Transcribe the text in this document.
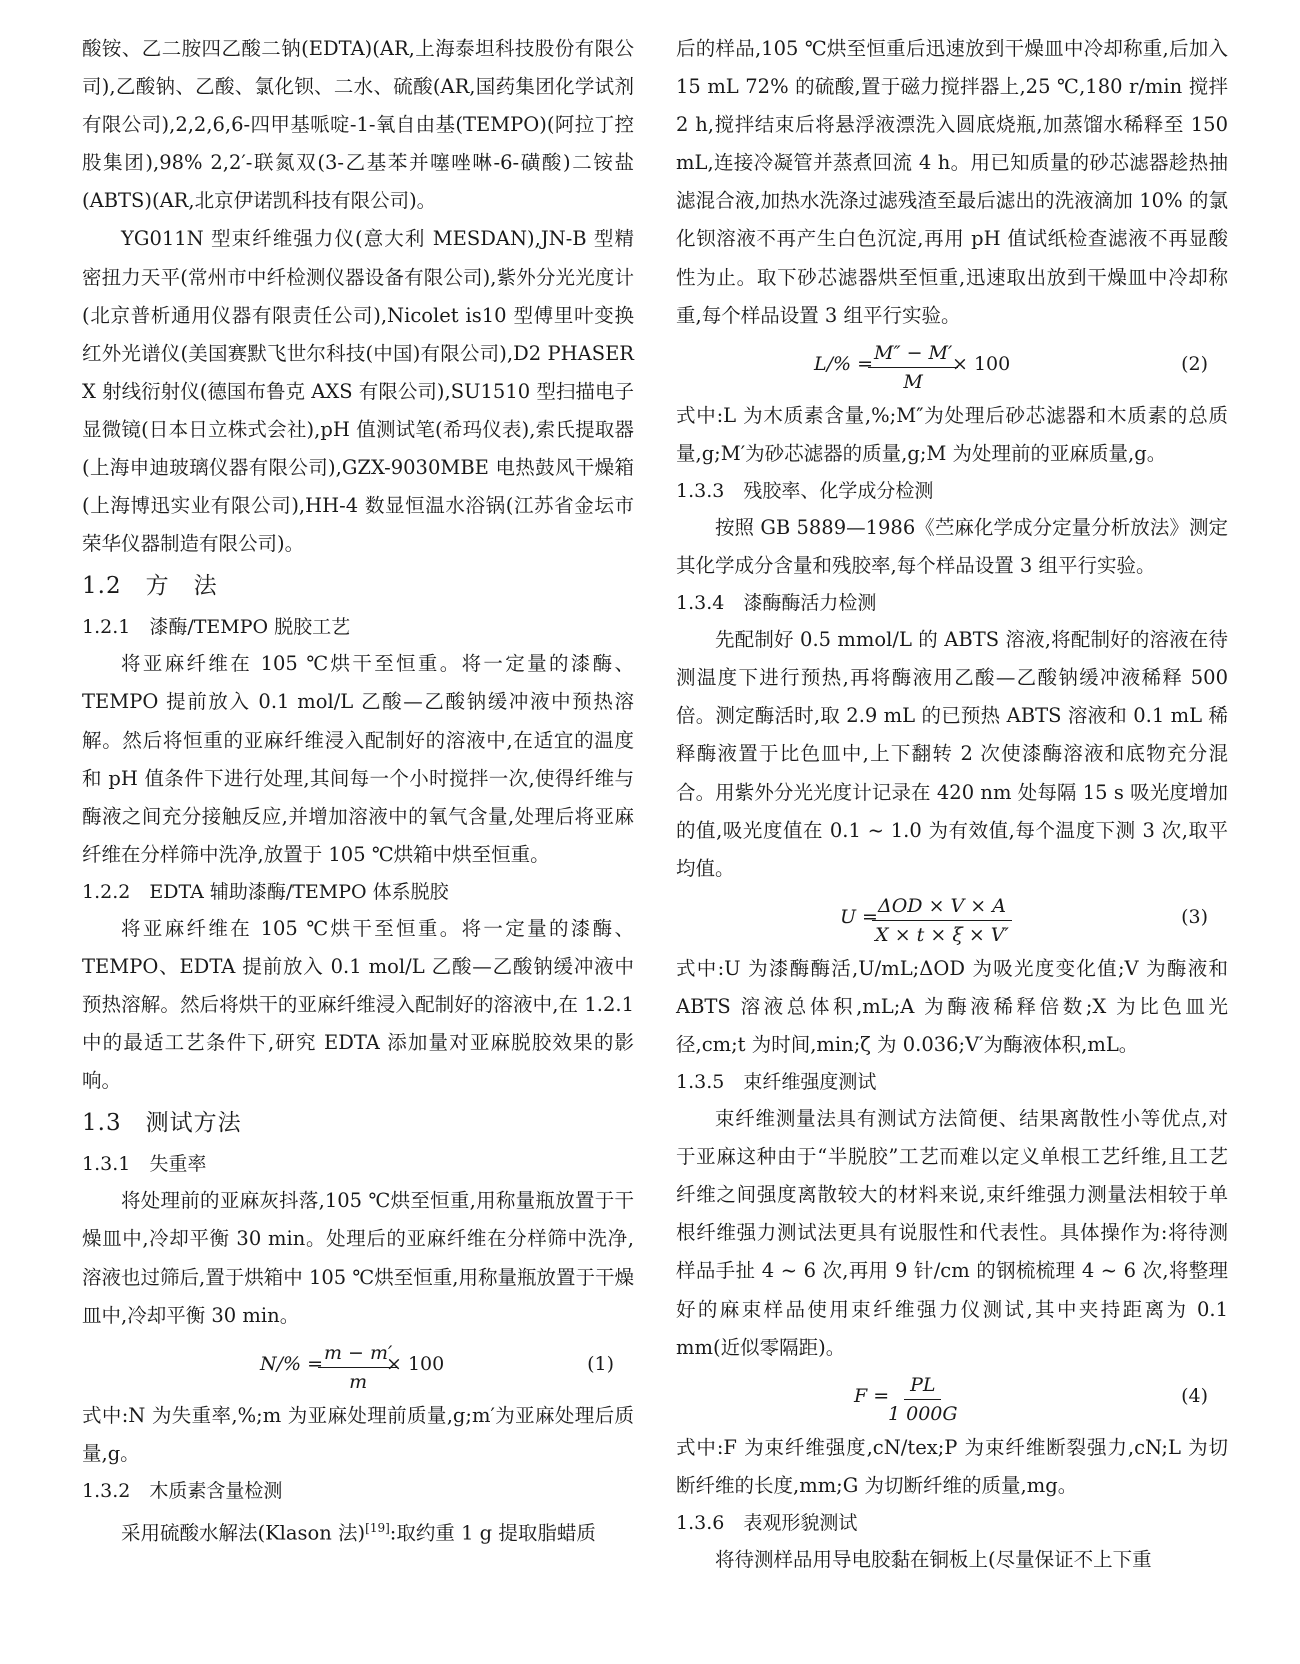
酸铵、乙二胺四乙酸二钠(EDTA)(AR,上海泰坦科技股份有限公司),乙酸钠、乙酸、氯化钡、二水、硫酸(AR,国药集团化学试剂有限公司),2,2,6,6-四甲基哌啶-1-氧自由基(TEMPO)(阿拉丁控股集团),98% 2,2′-联氮双(3-乙基苯并噻唑啉-6-磺酸)二铵盐(ABTS)(AR,北京伊诺凯科技有限公司)。

YG011N 型束纤维强力仪(意大利 MESDAN),JN-B 型精密扭力天平(常州市中纤检测仪器设备有限公司),紫外分光光度计(北京普析通用仪器有限责任公司),Nicolet is10 型傅里叶变换红外光谱仪(美国赛默飞世尔科技(中国)有限公司),D2 PHASER X 射线衍射仪(德国布鲁克 AXS 有限公司),SU1510 型扫描电子显微镜(日本日立株式会社),pH 值测试笔(希玛仪表),索氏提取器(上海申迪玻璃仪器有限公司),GZX-9030MBE 电热鼓风干燥箱(上海博迅实业有限公司),HH-4 数显恒温水浴锅(江苏省金坛市荣华仪器制造有限公司)。

1.2　方　法
1.2.1　漆酶/TEMPO 脱胶工艺

将亚麻纤维在 105 ℃烘干至恒重。将一定量的漆酶、TEMPO 提前放入 0.1 mol/L 乙酸—乙酸钠缓冲液中预热溶解。然后将恒重的亚麻纤维浸入配制好的溶液中,在适宜的温度和 pH 值条件下进行处理,其间每一个小时搅拌一次,使得纤维与酶液之间充分接触反应,并增加溶液中的氧气含量,处理后将亚麻纤维在分样筛中洗净,放置于 105 ℃烘箱中烘至恒重。

1.2.2　EDTA 辅助漆酶/TEMPO 体系脱胶

将亚麻纤维在 105 ℃烘干至恒重。将一定量的漆酶、TEMPO、EDTA 提前放入 0.1 mol/L 乙酸—乙酸钠缓冲液中预热溶解。然后将烘干的亚麻纤维浸入配制好的溶液中,在 1.2.1 中的最适工艺条件下,研究 EDTA 添加量对亚麻脱胶效果的影响。

1.3　测试方法
1.3.1　失重率

将处理前的亚麻灰抖落,105 ℃烘至恒重,用称量瓶放置于干燥皿中,冷却平衡 30 min。处理后的亚麻纤维在分样筛中洗净,溶液也过筛后,置于烘箱中 105 ℃烘至恒重,用称量瓶放置于干燥皿中,冷却平衡 30 min。

N/% =
$\frac{m - m'}{m}$
× 100	(1)

式中:N 为失重率,%;m 为亚麻处理前质量,g;m′为亚麻处理后质量,g。

1.3.2　木质素含量检测

采用硫酸水解法(Klason 法)[19]:取约重 1 g 提取脂蜡质

后的样品,105 ℃烘至恒重后迅速放到干燥皿中冷却称重,后加入 15 mL 72% 的硫酸,置于磁力搅拌器上,25 ℃,180 r/min 搅拌 2 h,搅拌结束后将悬浮液漂洗入圆底烧瓶,加蒸馏水稀释至 150 mL,连接冷凝管并蒸煮回流 4 h。用已知质量的砂芯滤器趁热抽滤混合液,加热水洗涤过滤残渣至最后滤出的洗液滴加 10% 的氯化钡溶液不再产生白色沉淀,再用 pH 值试纸检查滤液不再显酸性为止。取下砂芯滤器烘至恒重,迅速取出放到干燥皿中冷却称重,每个样品设置 3 组平行实验。

L/% =
$\frac{M'' - M'}{M}$
× 100	(2)

式中:L 为木质素含量,%;M″为处理后砂芯滤器和木质素的总质量,g;M′为砂芯滤器的质量,g;M 为处理前的亚麻质量,g。

1.3.3　残胶率、化学成分检测

按照 GB 5889—1986《苎麻化学成分定量分析放法》测定其化学成分含量和残胶率,每个样品设置 3 组平行实验。

1.3.4　漆酶酶活力检测

先配制好 0.5 mmol/L 的 ABTS 溶液,将配制好的溶液在待测温度下进行预热,再将酶液用乙酸—乙酸钠缓冲液稀释 500 倍。测定酶活时,取 2.9 mL 的已预热 ABTS 溶液和 0.1 mL 稀释酶液置于比色皿中,上下翻转 2 次使漆酶溶液和底物充分混合。用紫外分光光度计记录在 420 nm 处每隔 15 s 吸光度增加的值,吸光度值在 0.1 ~ 1.0 为有效值,每个温度下测 3 次,取平均值。

U = ΔOD × V × A
X × t × ξ × V′
(3)

式中:U 为漆酶酶活,U/mL;ΔOD 为吸光度变化值;V 为酶液和 ABTS 溶液总体积,mL;A 为酶液稀释倍数;X 为比色皿光径,cm;t 为时间,min;ζ 为 0.036;V′为酶液体积,mL。

1.3.5　束纤维强度测试

束纤维测量法具有测试方法简便、结果离散性小等优点,对于亚麻这种由于“半脱胶”工艺而难以定义单根工艺纤维,且工艺纤维之间强度离散较大的材料来说,束纤维强力测量法相较于单根纤维强力测试法更具有说服性和代表性。具体操作为:将待测样品手扯 4 ~ 6 次,再用 9 针/cm 的钢梳梳理 4 ~ 6 次,将整理好的麻束样品使用束纤维强力仪测试,其中夹持距离为 0.1 mm(近似零隔距)。

F =
$\frac{PL}{1 000G}$	(4)

式中:F 为束纤维强度,cN/tex;P 为束纤维断裂强力,cN;L 为切断纤维的长度,mm;G 为切断纤维的质量,mg。

1.3.6　表观形貌测试

将待测样品用导电胶黏在铜板上(尽量保证不上下重
